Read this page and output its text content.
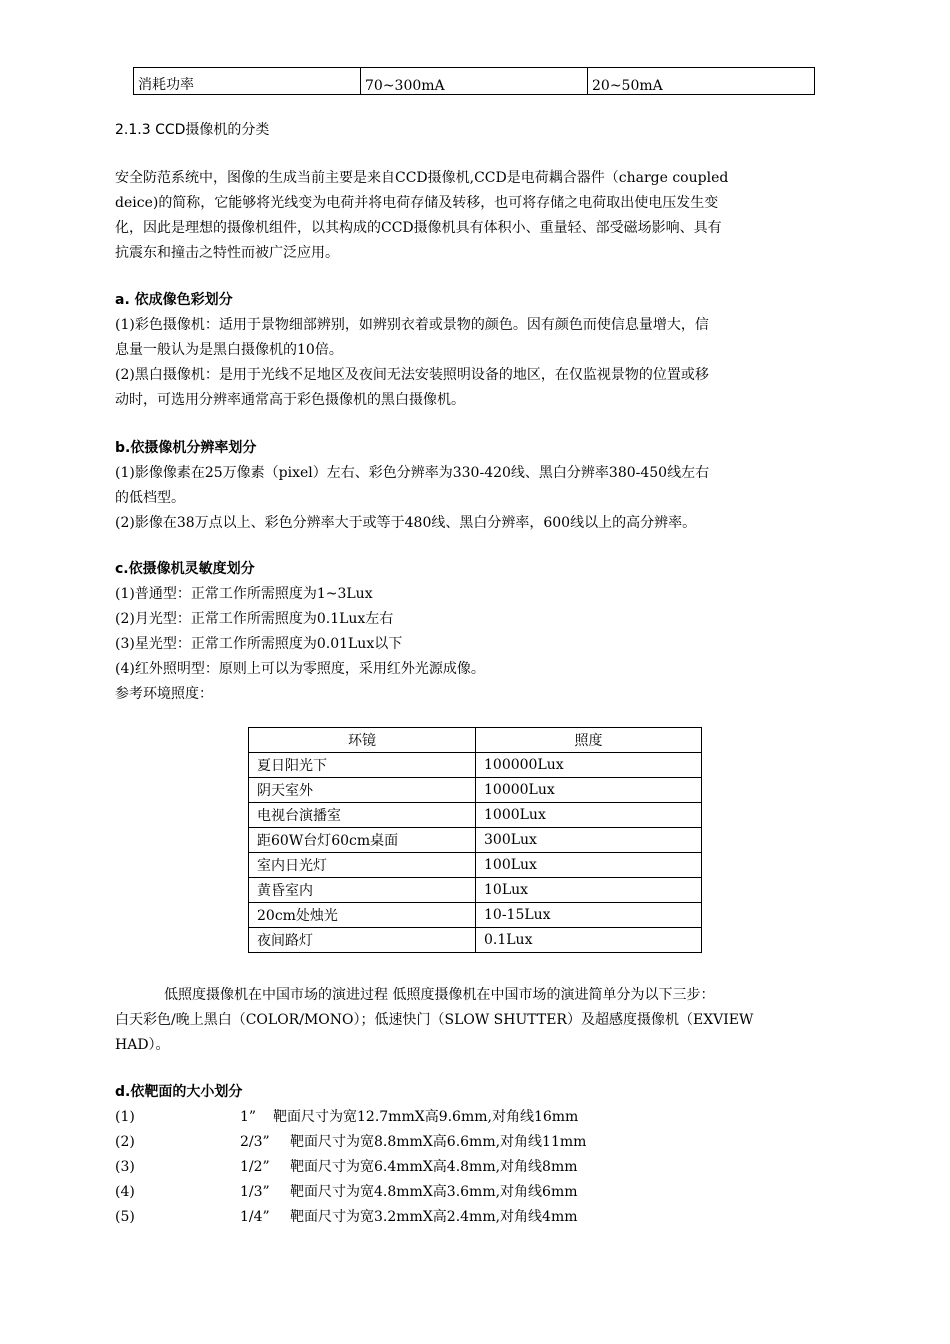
消耗功率	70~300mA	20~50mA
2.1.3 CCD摄像机的分类
安全防范系统中，图像的生成当前主要是来自CCD摄像机,CCD是电荷耦合器件（charge coupled
deice)的简称，它能够将光线变为电荷并将电荷存储及转移，也可将存储之电荷取出使电压发生变
化，因此是理想的摄像机组件，以其构成的CCD摄像机具有体积小、重量轻、部受磁场影响、具有
抗震东和撞击之特性而被广泛应用。
a. 依成像色彩划分
(1)彩色摄像机：适用于景物细部辨别，如辨别衣着或景物的颜色。因有颜色而使信息量增大，信
息量一般认为是黑白摄像机的10倍。
(2)黑白摄像机：是用于光线不足地区及夜间无法安装照明设备的地区，在仅监视景物的位置或移
动时，可选用分辨率通常高于彩色摄像机的黑白摄像机。
b.依摄像机分辨率划分
(1)影像像素在25万像素（pixel）左右、彩色分辨率为330-420线、黑白分辨率380-450线左右
的低档型。
(2)影像在38万点以上、彩色分辨率大于或等于480线、黑白分辨率，600线以上的高分辨率。
c.依摄像机灵敏度划分
(1)普通型：正常工作所需照度为1~3Lux
(2)月光型：正常工作所需照度为0.1Lux左右
(3)星光型：正常工作所需照度为0.01Lux以下
(4)红外照明型：原则上可以为零照度，采用红外光源成像。
参考环境照度：
环镜	照度
夏日阳光下	100000Lux
阴天室外	10000Lux
电视台演播室	1000Lux
距60W台灯60cm桌面	300Lux
室内日光灯	100Lux
黄昏室内	10Lux
20cm处烛光	10-15Lux
夜间路灯	0.1Lux
低照度摄像机在中国市场的演进过程 低照度摄像机在中国市场的演进简单分为以下三步：
白天彩色/晚上黑白（COLOR/MONO）；低速快门（SLOW SHUTTER）及超感度摄像机（EXVIEW
HAD）。
d.依靶面的大小划分
(1)	1” 靶面尺寸为宽12.7mmX高9.6mm,对角线16mm
(2)	2/3” 靶面尺寸为宽8.8mmX高6.6mm,对角线11mm
(3)	1/2” 靶面尺寸为宽6.4mmX高4.8mm,对角线8mm
(4)	1/3” 靶面尺寸为宽4.8mmX高3.6mm,对角线6mm
(5)	1/4” 靶面尺寸为宽3.2mmX高2.4mm,对角线4mm
